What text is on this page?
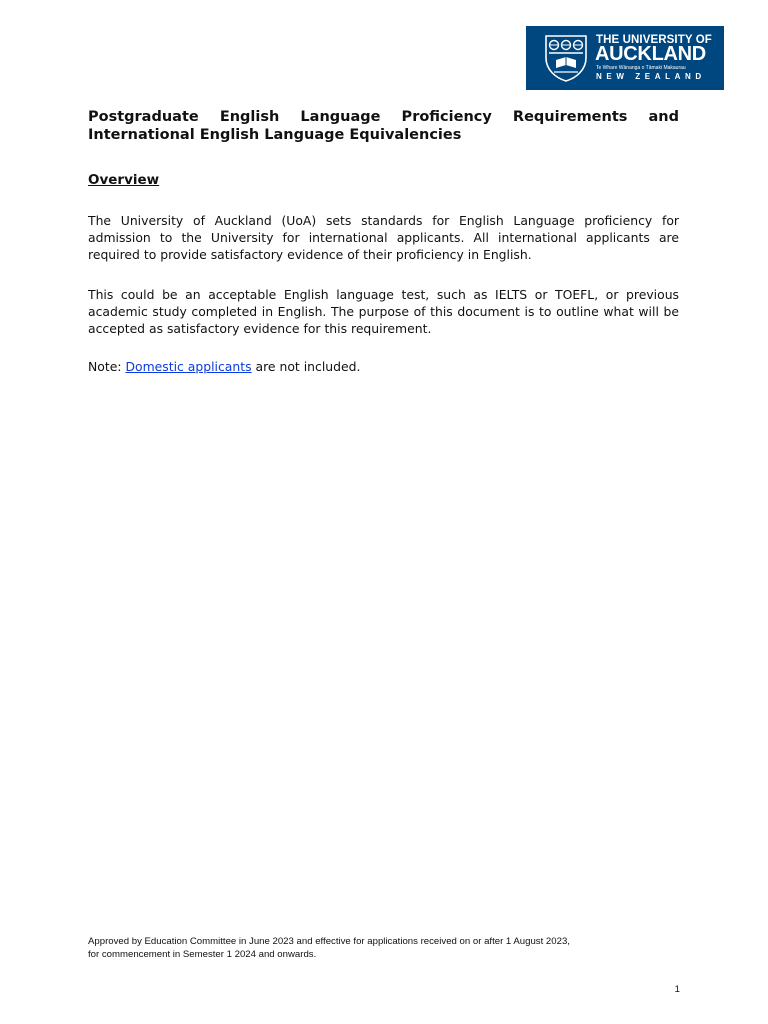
THE UNIVERSITY OF
AUCKLAND
Te Whare Wānanga o Tāmaki Makaurau
NEW ZEALAND
Postgraduate English Language Proficiency Requirements and
International English Language Equivalencies
Overview

The University of Auckland (UoA) sets standards for English Language proficiency for admission to the University for international applicants. All international applicants are required to provide satisfactory evidence of their proficiency in English.

This could be an acceptable English language test, such as IELTS or TOEFL, or previous academic study completed in English. The purpose of this document is to outline what will be accepted as satisfactory evidence for this requirement.

Note: Domestic applicants are not included.

Approved by Education Committee in June 2023 and effective for applications received on or after 1 August 2023,
for commencement in Semester 1 2024 and onwards.

1
